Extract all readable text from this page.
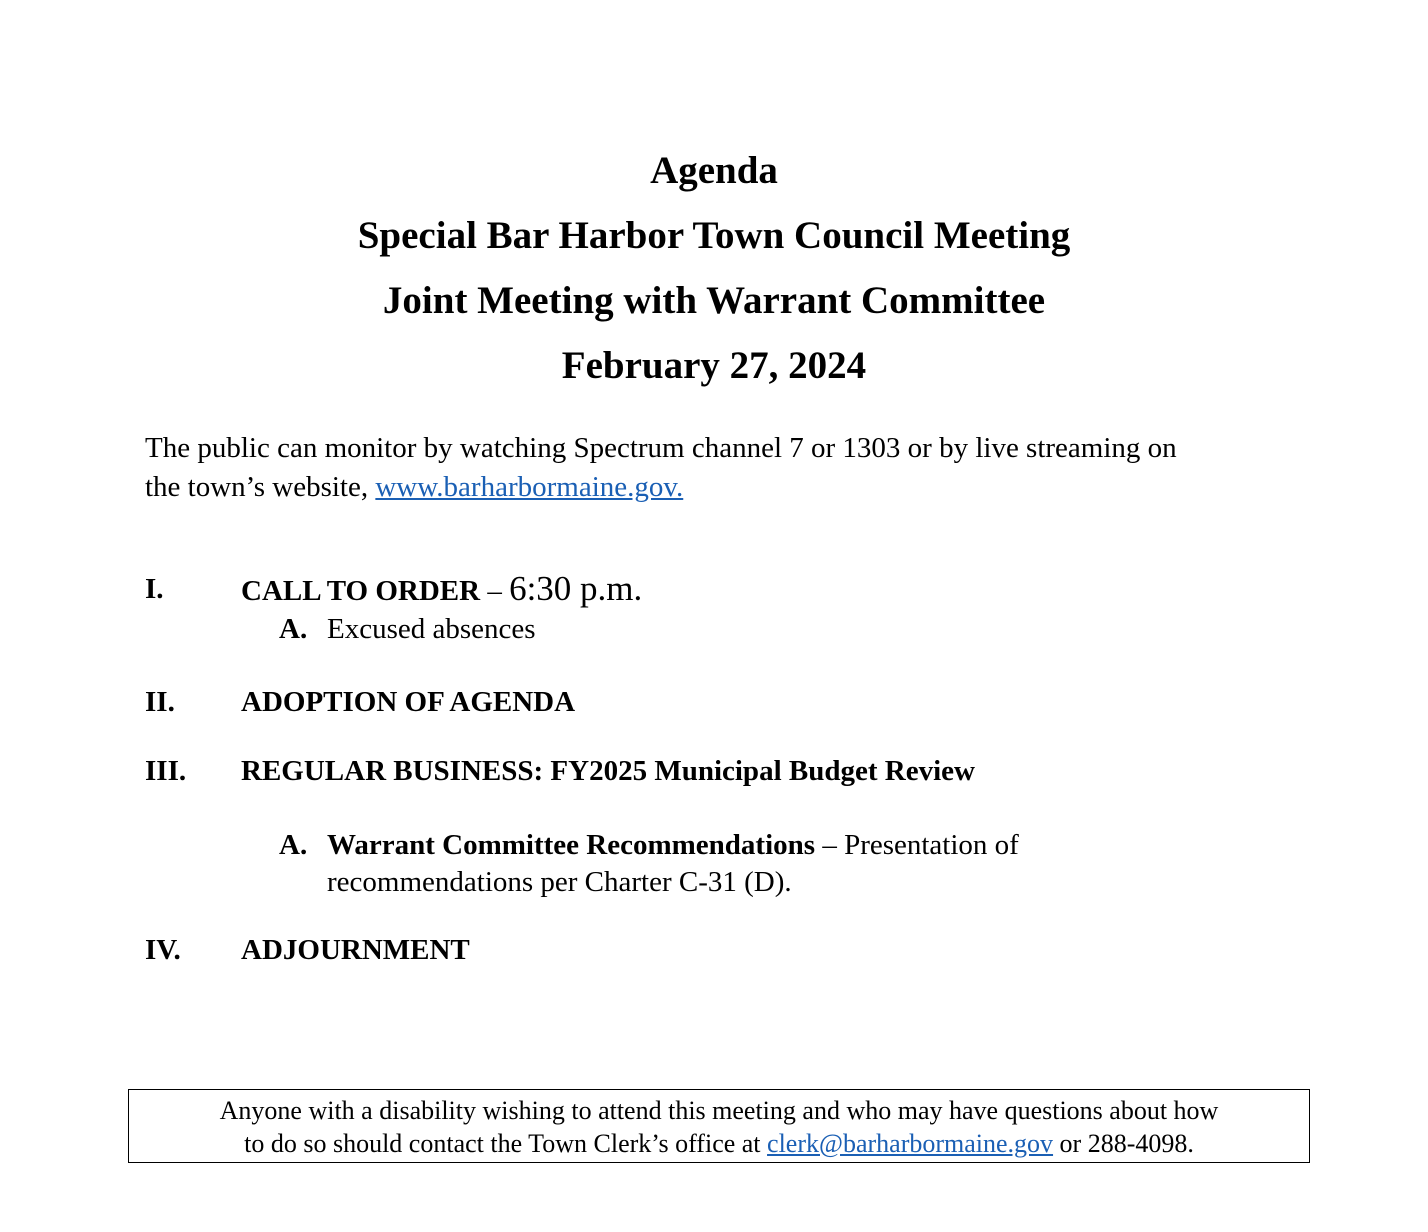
Agenda
Special Bar Harbor Town Council Meeting
Joint Meeting with Warrant Committee
February 27, 2024
The public can monitor by watching Spectrum channel 7 or 1303 or by live streaming on
the town’s website, www.barharbormaine.gov.
I.	CALL TO ORDER – 6:30 p.m.
A. Excused absences
II. ADOPTION OF AGENDA
III. REGULAR BUSINESS: FY2025 Municipal Budget Review
A. Warrant Committee Recommendations – Presentation of
recommendations per Charter C-31 (D).
IV. ADJOURNMENT
Anyone with a disability wishing to attend this meeting and who may have questions about how
to do so should contact the Town Clerk’s office at clerk@barharbormaine.gov or 288-4098.
